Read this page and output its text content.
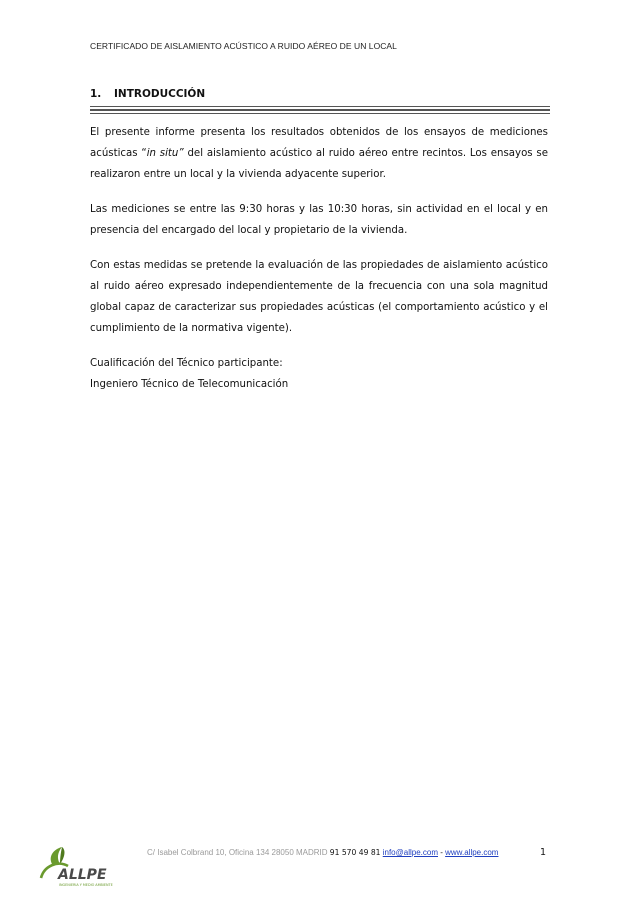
CERTIFICADO DE AISLAMIENTO ACÚSTICO A RUIDO AÉREO DE UN LOCAL
1. INTRODUCCIÓN

El presente informe presenta los resultados obtenidos de los ensayos de mediciones acústicas “in situ” del aislamiento acústico al ruido aéreo entre recintos. Los ensayos se realizaron entre un local y la vivienda adyacente superior.

Las mediciones se entre las 9:30 horas y las 10:30 horas, sin actividad en el local y en presencia del encargado del local y propietario de la vivienda.

Con estas medidas se pretende la evaluación de las propiedades de aislamiento acústico al ruido aéreo expresado independientemente de la frecuencia con una sola magnitud global capaz de caracterizar sus propiedades acústicas (el comportamiento acústico y el cumplimiento de la normativa vigente).

Cualificación del Técnico participante:

Ingeniero Técnico de Telecomunicación

ALLPE
INGENIERIA Y MEDIO AMBIENTE
C/ Isabel Colbrand 10, Oficina 134 28050 MADRID 91 570 49 81 info@allpe.com - www.allpe.com	1
